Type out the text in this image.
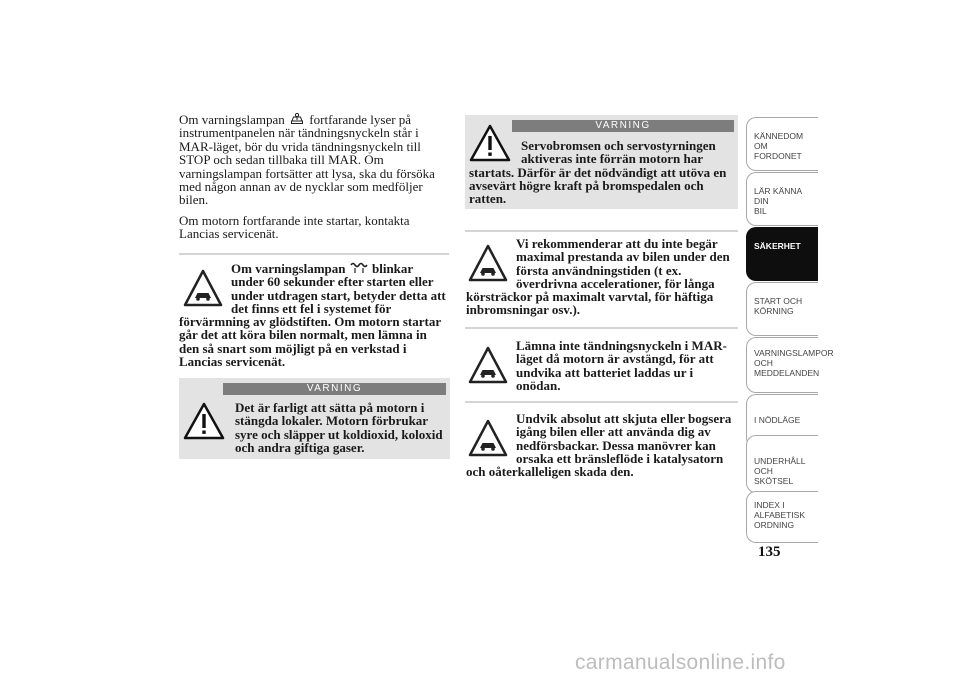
Om varningslampan fortfarande lyser på instrumentpanelen när tändningsnyckeln står i MAR-läget, bör du vrida tändningsnyckeln till STOP och sedan tillbaka till MAR. Om varningslampan fortsätter att lysa, ska du försöka med någon annan av de nycklar som medföljer bilen.

Om motorn fortfarande inte startar, kontakta Lancias servicenät.

Om varningslampan blinkar under 60 sekunder efter starten eller under utdragen start, betyder detta att det finns ett fel i systemet för förvärmning av glödstiften. Om motorn startar går det att köra bilen normalt, men lämna in den så snart som möjligt på en verkstad i Lancias servicenät.
VARNING
Det är farligt att sätta på motorn i stängda lokaler. Motorn förbrukar syre och släpper ut koldioxid, koloxid och andra giftiga gaser.
VARNING
Servobromsen och servostyrningen aktiveras inte förrän motorn har startats. Därför är det nödvändigt att utöva en avsevärt högre kraft på bromspedalen och ratten.
Vi rekommenderar att du inte begär maximal prestanda av bilen under den första användningstiden (t ex. överdrivna accelerationer, för långa körsträckor på maximalt varvtal, för häftiga inbromsningar osv.).
Lämna inte tändningsnyckeln i MAR-läget då motorn är avstängd, för att undvika att batteriet laddas ur i onödan.
Undvik absolut att skjuta eller bogsera igång bilen eller att använda dig av nedförsbackar. Dessa manövrer kan orsaka ett bränsleflöde i katalysatorn och oåterkalleligen skada den.
KÄNNEDOM OM
FORDONET
LÄR KÄNNA DIN
BIL
SÄKERHET
START OCH
KÖRNING
VARNINGSLAMPOR
OCH
MEDDELANDEN
I NÖDLÄGE
UNDERHÅLL OCH
SKÖTSEL
INDEX I
ALFABETISK
ORDNING
135
carmanualsonline.info
